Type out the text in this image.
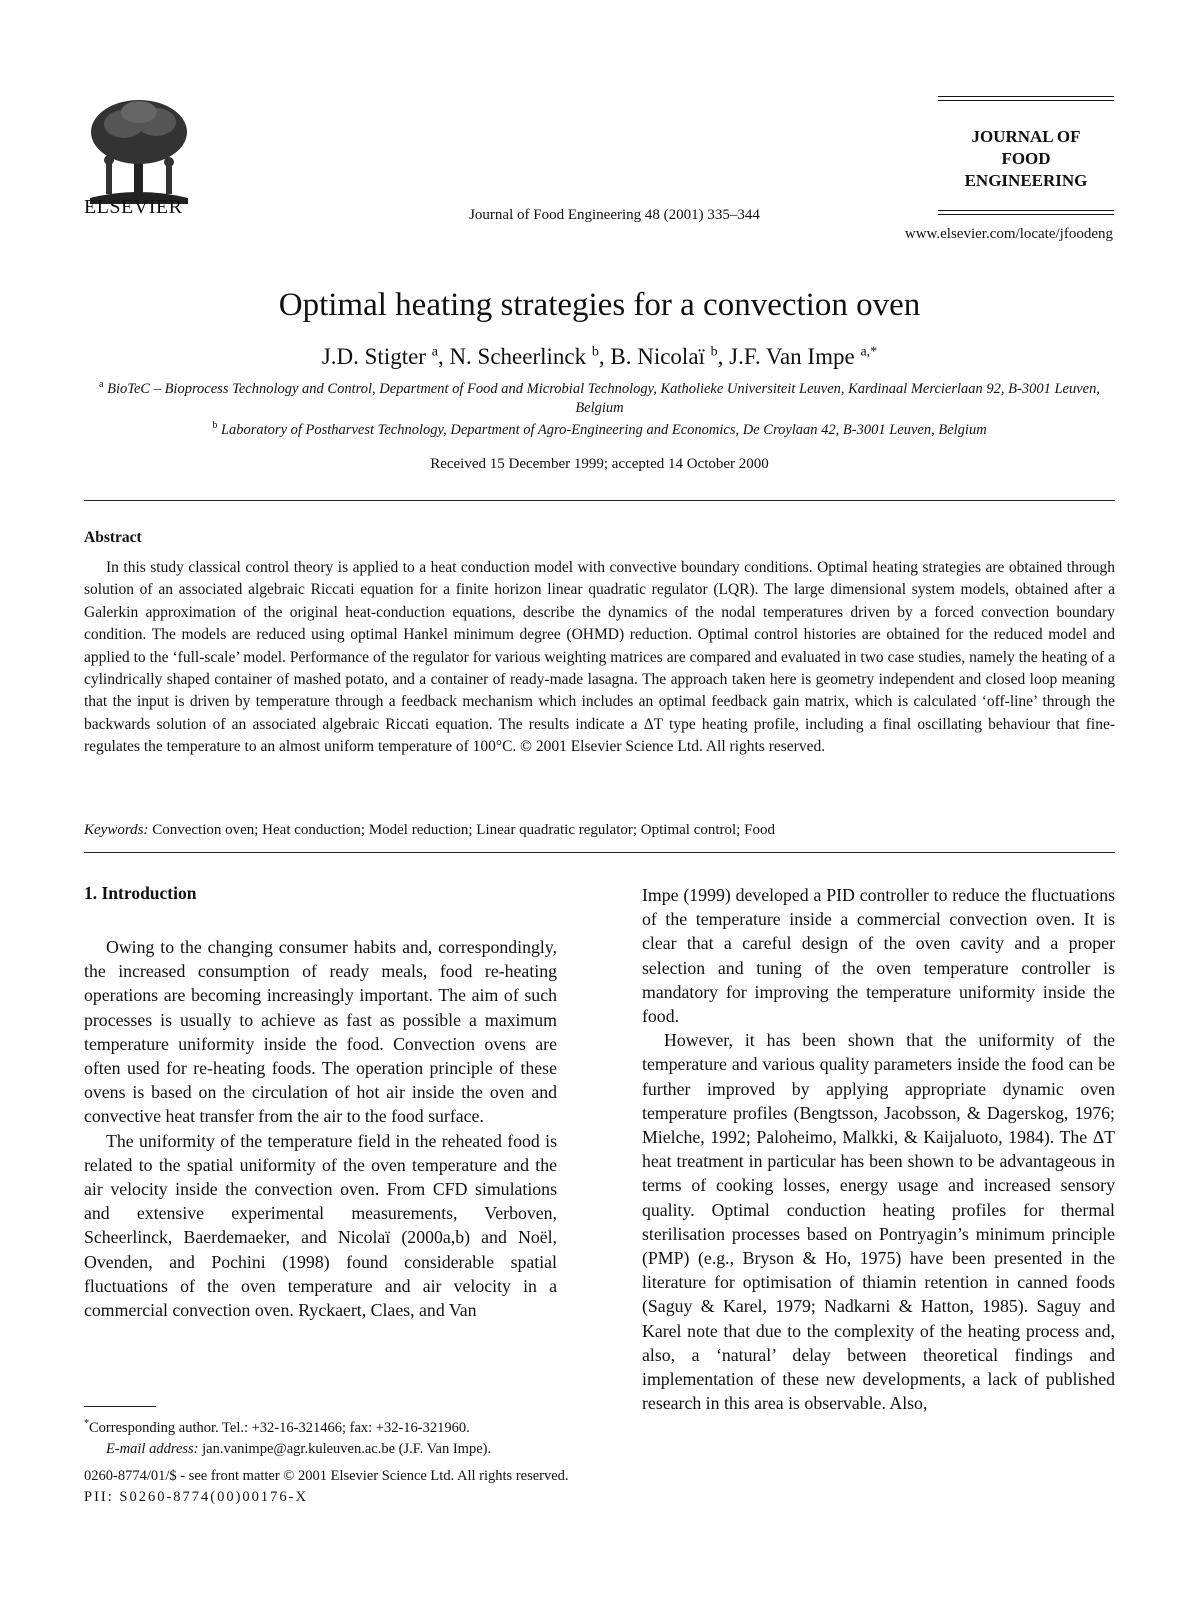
ELSEVIER	Journal of Food Engineering 48 (2001) 335–344
JOURNAL OF
FOOD
ENGINEERING
www.elsevier.com/locate/jfoodeng
Optimal heating strategies for a convection oven
J.D. Stigter $^a$, N. Scheerlinck $^b$, B. Nicolaï $^b$, J.F. Van Impe $^{a,*}$
$^a$ BioTeC – Bioprocess Technology and Control, Department of Food and Microbial Technology, Katholieke Universiteit Leuven, Kardinaal Mercierlaan 92, B-3001 Leuven, Belgium
$^b$ Laboratory of Postharvest Technology, Department of Agro-Engineering and Economics, De Croylaan 42, B-3001 Leuven, Belgium
Received 15 December 1999; accepted 14 October 2000
Abstract
In this study classical control theory is applied to a heat conduction model with convective boundary conditions. Optimal heating strategies are obtained through solution of an associated algebraic Riccati equation for a finite horizon linear quadratic regulator (LQR). The large dimensional system models, obtained after a Galerkin approximation of the original heat-conduction equations, describe the dynamics of the nodal temperatures driven by a forced convection boundary condition. The models are reduced using optimal Hankel minimum degree (OHMD) reduction. Optimal control histories are obtained for the reduced model and applied to the ‘full-scale’ model. Performance of the regulator for various weighting matrices are compared and evaluated in two case studies, namely the heating of a cylindrically shaped container of mashed potato, and a container of ready-made lasagna. The approach taken here is geometry independent and closed loop meaning that the input is driven by temperature through a feedback mechanism which includes an optimal feedback gain matrix, which is calculated ‘off-line’ through the backwards solution of an associated algebraic Riccati equation. The results indicate a ΔT type heating profile, including a final oscillating behaviour that fine-regulates the temperature to an almost uniform temperature of 100°C. © 2001 Elsevier Science Ltd. All rights reserved.
Keywords: Convection oven; Heat conduction; Model reduction; Linear quadratic regulator; Optimal control; Food
1. Introduction

Owing to the changing consumer habits and, correspondingly, the increased consumption of ready meals, food re-heating operations are becoming increasingly important. The aim of such processes is usually to achieve as fast as possible a maximum temperature uniformity inside the food. Convection ovens are often used for re-heating foods. The operation principle of these ovens is based on the circulation of hot air inside the oven and convective heat transfer from the air to the food surface.

The uniformity of the temperature field in the reheated food is related to the spatial uniformity of the oven temperature and the air velocity inside the convection oven. From CFD simulations and extensive experimental measurements, Verboven, Scheerlinck, Baerdemaeker, and Nicolaï (2000a,b) and Noël, Ovenden, and Pochini (1998) found considerable spatial fluctuations of the oven temperature and air velocity in a commercial convection oven. Ryckaert, Claes, and Van

Impe (1999) developed a PID controller to reduce the fluctuations of the temperature inside a commercial convection oven. It is clear that a careful design of the oven cavity and a proper selection and tuning of the oven temperature controller is mandatory for improving the temperature uniformity inside the food.

However, it has been shown that the uniformity of the temperature and various quality parameters inside the food can be further improved by applying appropriate dynamic oven temperature profiles (Bengtsson, Jacobsson, & Dagerskog, 1976; Mielche, 1992; Paloheimo, Malkki, & Kaijaluoto, 1984). The ΔT heat treatment in particular has been shown to be advantageous in terms of cooking losses, energy usage and increased sensory quality. Optimal conduction heating profiles for thermal sterilisation processes based on Pontryagin’s minimum principle (PMP) (e.g., Bryson & Ho, 1975) have been presented in the literature for optimisation of thiamin retention in canned foods (Saguy & Karel, 1979; Nadkarni & Hatton, 1985). Saguy and Karel note that due to the complexity of the heating process and, also, a ‘natural’ delay between theoretical findings and implementation of these new developments, a lack of published research in this area is observable. Also,

*Corresponding author. Tel.: +32-16-321466; fax: +32-16-321960.
E-mail address: jan.vanimpe@agr.kuleuven.ac.be (J.F. Van Impe).
0260-8774/01/$ - see front matter © 2001 Elsevier Science Ltd. All rights reserved.
PII: S0260-8774(00)00176-X
